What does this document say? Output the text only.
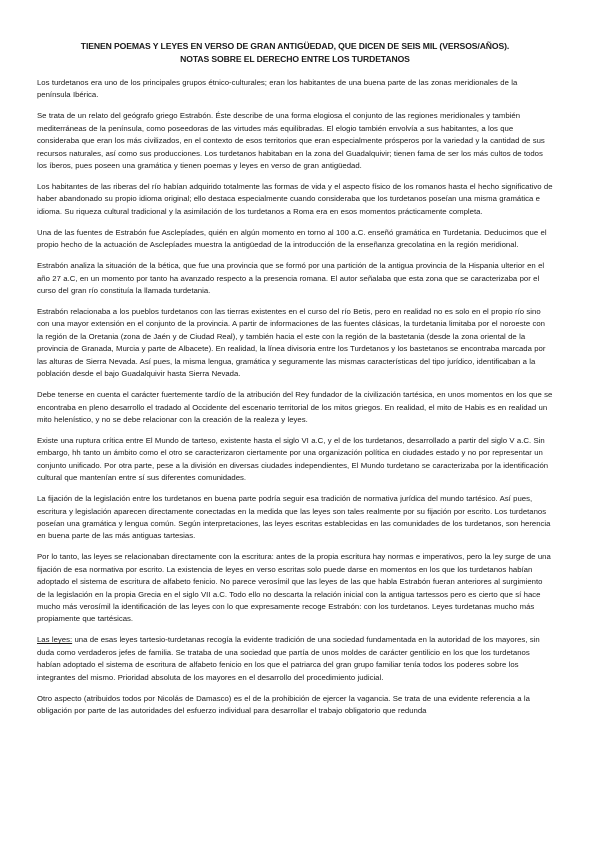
TIENEN POEMAS Y LEYES EN VERSO DE GRAN ANTIGÜEDAD, QUE DICEN DE SEIS MIL (VERSOS/AÑOS).
NOTAS SOBRE EL DERECHO ENTRE LOS TURDETANOS

Los turdetanos era uno de los principales grupos étnico-culturales; eran los habitantes de una buena parte de las zonas meridionales de la península Ibérica.

Se trata de un relato del geógrafo griego Estrabón. Éste describe de una forma elogiosa el conjunto de las regiones meridionales y también mediterráneas de la península, como poseedoras de las virtudes más equilibradas. El elogio también envolvía a sus habitantes, a los que consideraba que eran los más civilizados, en el contexto de esos territorios que eran especialmente prósperos por la variedad y la cantidad de sus recursos naturales, así como sus producciones. Los turdetanos habitaban en la zona del Guadalquivir; tienen fama de ser los más cultos de todos los íberos, pues poseen una gramática y tienen poemas y leyes en verso de gran antigüedad.

Los habitantes de las riberas del río habían adquirido totalmente las formas de vida y el aspecto físico de los romanos hasta el hecho significativo de haber abandonado su propio idioma original; ello destaca especialmente cuando consideraba que los turdetanos poseían una misma gramática e idioma. Su riqueza cultural tradicional y la asimilación de los turdetanos a Roma era en esos momentos prácticamente completa.

Una de las fuentes de Estrabón fue Asclepíades, quién en algún momento en torno al 100 a.C. enseñó gramática en Turdetania. Deducimos que el propio hecho de la actuación de Asclepíades muestra la antigüedad de la introducción de la enseñanza grecolatina en la región meridional.

Estrabón analiza la situación de la bética, que fue una provincia que se formó por una partición de la antigua provincia de la Hispania ulterior en el año 27 a.C, en un momento por tanto ha avanzado respecto a la presencia romana. El autor señalaba que esta zona que se caracterizaba por el curso del gran río constituía la llamada turdetania.

Estrabón relacionaba a los pueblos turdetanos con las tierras existentes en el curso del río Betis, pero en realidad no es solo en el propio río sino con una mayor extensión en el conjunto de la provincia. A partir de informaciones de las fuentes clásicas, la turdetania limitaba por el noroeste con la región de la Oretania (zona de Jaén y de Ciudad Real), y también hacia el este con la región de la bastetania (desde la zona oriental de la provincia de Granada, Murcia y parte de Albacete). En realidad, la línea divisoria entre los Turdetanos y los bastetanos se encontraba marcada por las alturas de Sierra Nevada. Así pues, la misma lengua, gramática y seguramente las mismas características del tipo jurídico, identificaban a la población desde el bajo Guadalquivir hasta Sierra Nevada.

Debe tenerse en cuenta el carácter fuertemente tardío de la atribución del Rey fundador de la civilización tartésica, en unos momentos en los que se encontraba en pleno desarrollo el tradado al Occidente del escenario territorial de los mitos griegos. En realidad, el mito de Habis es en realidad un mito helenístico, y no se debe relacionar con la creación de la realeza y leyes.

Existe una ruptura crítica entre El Mundo de tarteso, existente hasta el siglo VI a.C, y el de los turdetanos, desarrollado a partir del siglo V a.C. Sin embargo, hh tanto un ámbito como el otro se caracterizaron ciertamente por una organización política en ciudades estado y no por representar un conjunto unificado. Por otra parte, pese a la división en diversas ciudades independientes, El Mundo turdetano se caracterizaba por la identificación cultural que mantenían entre sí sus diferentes comunidades.

La fijación de la legislación entre los turdetanos en buena parte podría seguir esa tradición de normativa jurídica del mundo tartésico. Así pues, escritura y legislación aparecen directamente conectadas en la medida que las leyes son tales realmente por su fijación por escrito. Los turdetanos poseían una gramática y lengua común. Según interpretaciones, las leyes escritas establecidas en las comunidades de los turdetanos, son herencia en buena parte de las más antiguas tartesias.

Por lo tanto, las leyes se relacionaban directamente con la escritura: antes de la propia escritura hay normas e imperativos, pero la ley surge de una fijación de esa normativa por escrito. La existencia de leyes en verso escritas solo puede darse en momentos en los que los turdetanos habían adoptado el sistema de escritura de alfabeto fenicio. No parece verosímil que las leyes de las que habla Estrabón fueran anteriores al surgimiento de la legislación en la propia Grecia en el siglo VII a.C. Todo ello no descarta la relación inicial con la antigua tartessos pero es cierto que sí hace mucho más verosímil la identificación de las leyes con lo que expresamente recoge Estrabón: con los turdetanos. Leyes turdetanas mucho más propiamente que tartésicas.

Las leyes: una de esas leyes tartesio-turdetanas recogía la evidente tradición de una sociedad fundamentada en la autoridad de los mayores, sin duda como verdaderos jefes de familia. Se trataba de una sociedad que partía de unos moldes de carácter gentilicio en los que los turdetanos habían adoptado el sistema de escritura de alfabeto fenicio en los que el patriarca del gran grupo familiar tenía todos los poderes sobre los integrantes del mismo. Prioridad absoluta de los mayores en el desarrollo del procedimiento judicial.

Otro aspecto (atribuidos todos por Nicolás de Damasco) es el de la prohibición de ejercer la vagancia. Se trata de una evidente referencia a la obligación por parte de las autoridades del esfuerzo individual para desarrollar el trabajo obligatorio que redunda
